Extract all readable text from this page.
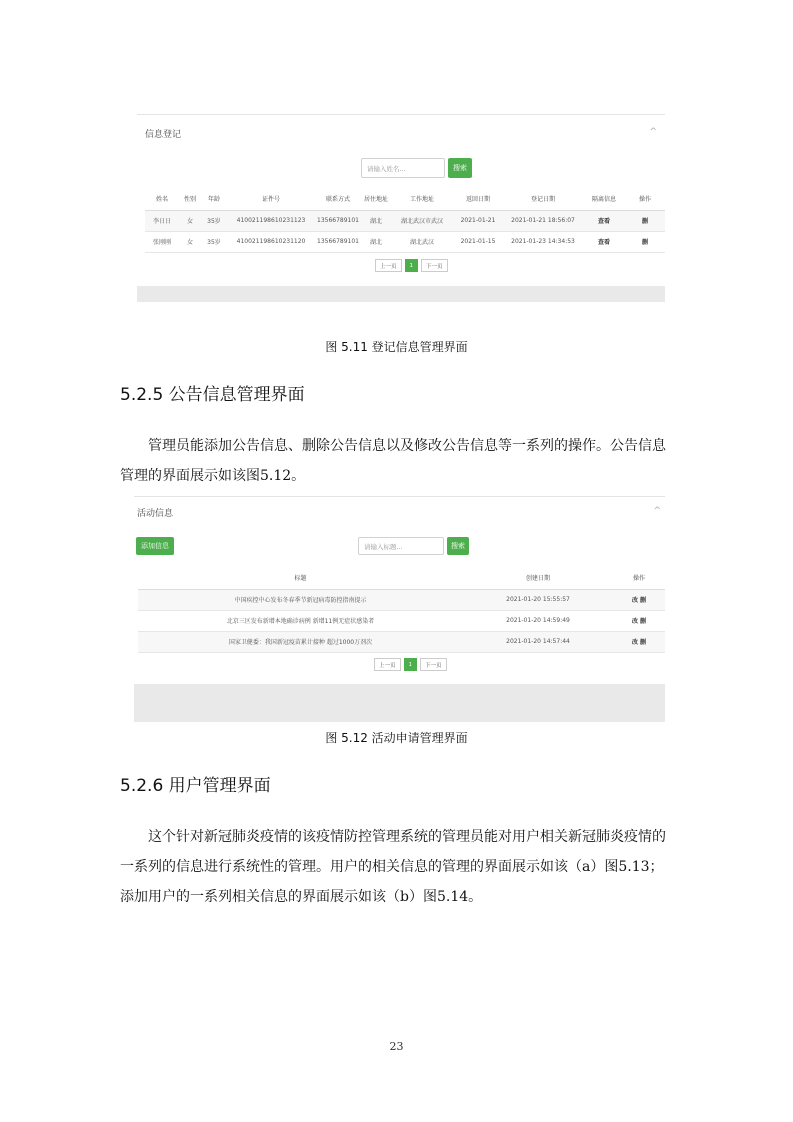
信息登记	^
请输入姓名...	搜索
姓名	性别	年龄	证件号	联系方式	居住地址	工作地址	返回日期	登记日期	隔离信息	操作
李日日	女	35岁	410021198610231123	13566789101	湖北	湖北武汉市武汉	2021-01-21	2021-01-21 18:56:07	查看	删
张刚刚	女	35岁	410021198610231120	13566789101	湖北	湖北武汉	2021-01-15	2021-01-23 14:34:53	查看	删
上一页	1	下一页
图 5.11 登记信息管理界面
5.2.5 公告信息管理界面

管理员能添加公告信息、删除公告信息以及修改公告信息等一系列的操作。公告信息管理的界面展示如该图5.12。

活动信息	^
添加信息	请输入标题...	搜索
标题	创建日期	操作
中国疾控中心发布冬春季节新冠病毒防控指南提示	2021-01-20 15:55:57	改 删
北京三区发布新增本地确诊病例 新增11例无症状感染者	2021-01-20 14:59:49	改 删
国家卫健委：我国新冠疫苗累计接种 超过1000万剂次	2021-01-20 14:57:44	改 删
上一页	1	下一页
图 5.12 活动申请管理界面
5.2.6 用户管理界面

这个针对新冠肺炎疫情的该疫情防控管理系统的管理员能对用户相关新冠肺炎疫情的一系列的信息进行系统性的管理。用户的相关信息的管理的界面展示如该（a）图5.13；添加用户的一系列相关信息的界面展示如该（b）图5.14。

23
